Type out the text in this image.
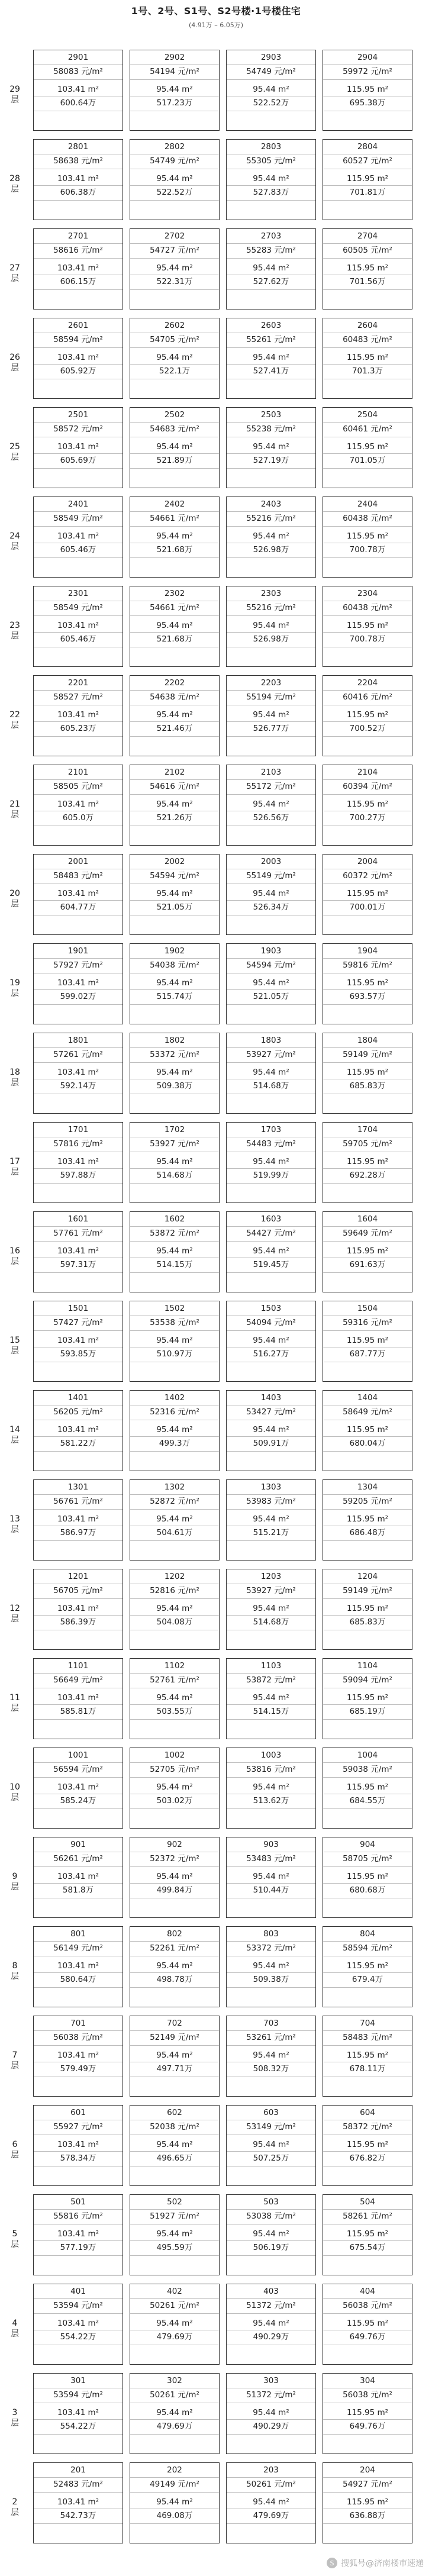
1号、2号、S1号、S2号楼·1号楼住宅
(4.91万 – 6.05万)
29层
2901
58083 元/m²
103.41 m²
600.64万
2902
54194 元/m²
95.44 m²
517.23万
2903
54749 元/m²
95.44 m²
522.52万
2904
59972 元/m²
115.95 m²
695.38万
28层
2801
58638 元/m²
103.41 m²
606.38万
2802
54749 元/m²
95.44 m²
522.52万
2803
55305 元/m²
95.44 m²
527.83万
2804
60527 元/m²
115.95 m²
701.81万
27层
2701
58616 元/m²
103.41 m²
606.15万
2702
54727 元/m²
95.44 m²
522.31万
2703
55283 元/m²
95.44 m²
527.62万
2704
60505 元/m²
115.95 m²
701.56万
26层
2601
58594 元/m²
103.41 m²
605.92万
2602
54705 元/m²
95.44 m²
522.1万
2603
55261 元/m²
95.44 m²
527.41万
2604
60483 元/m²
115.95 m²
701.3万
25层
2501
58572 元/m²
103.41 m²
605.69万
2502
54683 元/m²
95.44 m²
521.89万
2503
55238 元/m²
95.44 m²
527.19万
2504
60461 元/m²
115.95 m²
701.05万
24层
2401
58549 元/m²
103.41 m²
605.46万
2402
54661 元/m²
95.44 m²
521.68万
2403
55216 元/m²
95.44 m²
526.98万
2404
60438 元/m²
115.95 m²
700.78万
23层
2301
58549 元/m²
103.41 m²
605.46万
2302
54661 元/m²
95.44 m²
521.68万
2303
55216 元/m²
95.44 m²
526.98万
2304
60438 元/m²
115.95 m²
700.78万
22层
2201
58527 元/m²
103.41 m²
605.23万
2202
54638 元/m²
95.44 m²
521.46万
2203
55194 元/m²
95.44 m²
526.77万
2204
60416 元/m²
115.95 m²
700.52万
21层
2101
58505 元/m²
103.41 m²
605.0万
2102
54616 元/m²
95.44 m²
521.26万
2103
55172 元/m²
95.44 m²
526.56万
2104
60394 元/m²
115.95 m²
700.27万
20层
2001
58483 元/m²
103.41 m²
604.77万
2002
54594 元/m²
95.44 m²
521.05万
2003
55149 元/m²
95.44 m²
526.34万
2004
60372 元/m²
115.95 m²
700.01万
19层
1901
57927 元/m²
103.41 m²
599.02万
1902
54038 元/m²
95.44 m²
515.74万
1903
54594 元/m²
95.44 m²
521.05万
1904
59816 元/m²
115.95 m²
693.57万
18层
1801
57261 元/m²
103.41 m²
592.14万
1802
53372 元/m²
95.44 m²
509.38万
1803
53927 元/m²
95.44 m²
514.68万
1804
59149 元/m²
115.95 m²
685.83万
17层
1701
57816 元/m²
103.41 m²
597.88万
1702
53927 元/m²
95.44 m²
514.68万
1703
54483 元/m²
95.44 m²
519.99万
1704
59705 元/m²
115.95 m²
692.28万
16层
1601
57761 元/m²
103.41 m²
597.31万
1602
53872 元/m²
95.44 m²
514.15万
1603
54427 元/m²
95.44 m²
519.45万
1604
59649 元/m²
115.95 m²
691.63万
15层
1501
57427 元/m²
103.41 m²
593.85万
1502
53538 元/m²
95.44 m²
510.97万
1503
54094 元/m²
95.44 m²
516.27万
1504
59316 元/m²
115.95 m²
687.77万
14层
1401
56205 元/m²
103.41 m²
581.22万
1402
52316 元/m²
95.44 m²
499.3万
1403
53427 元/m²
95.44 m²
509.91万
1404
58649 元/m²
115.95 m²
680.04万
13层
1301
56761 元/m²
103.41 m²
586.97万
1302
52872 元/m²
95.44 m²
504.61万
1303
53983 元/m²
95.44 m²
515.21万
1304
59205 元/m²
115.95 m²
686.48万
12层
1201
56705 元/m²
103.41 m²
586.39万
1202
52816 元/m²
95.44 m²
504.08万
1203
53927 元/m²
95.44 m²
514.68万
1204
59149 元/m²
115.95 m²
685.83万
11层
1101
56649 元/m²
103.41 m²
585.81万
1102
52761 元/m²
95.44 m²
503.55万
1103
53872 元/m²
95.44 m²
514.15万
1104
59094 元/m²
115.95 m²
685.19万
10层
1001
56594 元/m²
103.41 m²
585.24万
1002
52705 元/m²
95.44 m²
503.02万
1003
53816 元/m²
95.44 m²
513.62万
1004
59038 元/m²
115.95 m²
684.55万
9层
901
56261 元/m²
103.41 m²
581.8万
902
52372 元/m²
95.44 m²
499.84万
903
53483 元/m²
95.44 m²
510.44万
904
58705 元/m²
115.95 m²
680.68万
8层
801
56149 元/m²
103.41 m²
580.64万
802
52261 元/m²
95.44 m²
498.78万
803
53372 元/m²
95.44 m²
509.38万
804
58594 元/m²
115.95 m²
679.4万
7层
701
56038 元/m²
103.41 m²
579.49万
702
52149 元/m²
95.44 m²
497.71万
703
53261 元/m²
95.44 m²
508.32万
704
58483 元/m²
115.95 m²
678.11万
6层
601
55927 元/m²
103.41 m²
578.34万
602
52038 元/m²
95.44 m²
496.65万
603
53149 元/m²
95.44 m²
507.25万
604
58372 元/m²
115.95 m²
676.82万
5层
501
55816 元/m²
103.41 m²
577.19万
502
51927 元/m²
95.44 m²
495.59万
503
53038 元/m²
95.44 m²
506.19万
504
58261 元/m²
115.95 m²
675.54万
4层
401
53594 元/m²
103.41 m²
554.22万
402
50261 元/m²
95.44 m²
479.69万
403
51372 元/m²
95.44 m²
490.29万
404
56038 元/m²
115.95 m²
649.76万
3层
301
53594 元/m²
103.41 m²
554.22万
302
50261 元/m²
95.44 m²
479.69万
303
51372 元/m²
95.44 m²
490.29万
304
56038 元/m²
115.95 m²
649.76万
2层
201
52483 元/m²
103.41 m²
542.73万
202
49149 元/m²
95.44 m²
469.08万
203
50261 元/m²
95.44 m²
479.69万
204
54927 元/m²
115.95 m²
636.88万
S 搜狐号@济南楼市速递
